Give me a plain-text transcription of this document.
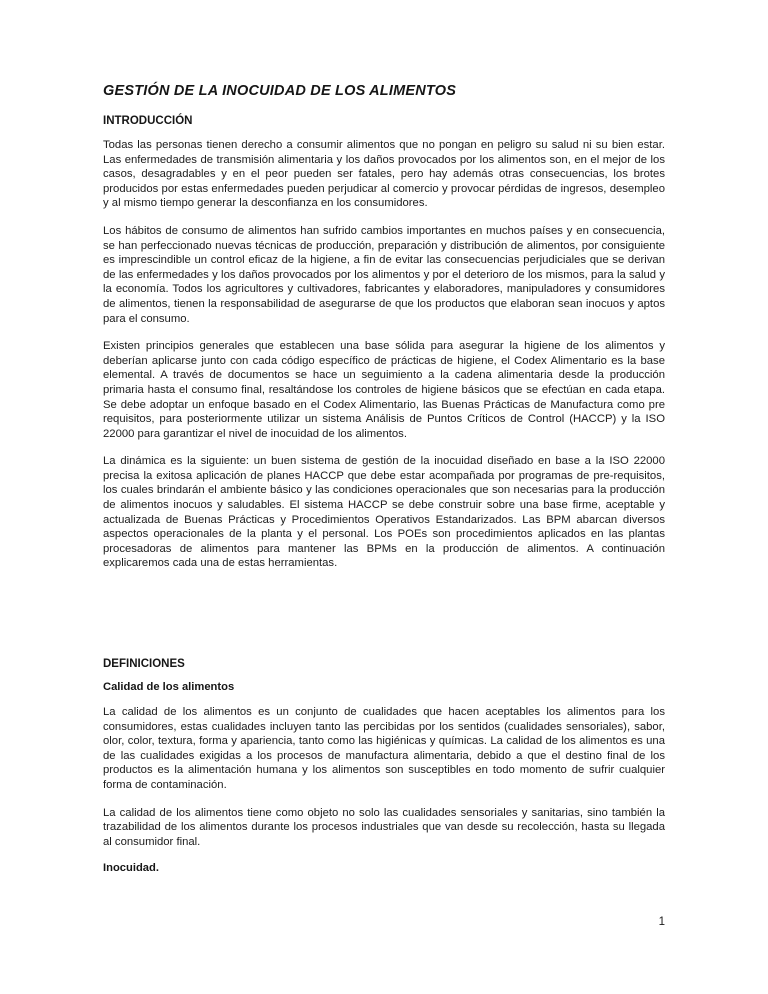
GESTIÓN DE LA INOCUIDAD DE LOS ALIMENTOS
INTRODUCCIÓN

Todas las personas tienen derecho a consumir alimentos que no pongan en peligro su salud ni su bien estar. Las enfermedades de transmisión alimentaria y los daños provocados por los alimentos son, en el mejor de los casos, desagradables y en el peor pueden ser fatales, pero hay además otras consecuencias, los brotes producidos por estas enfermedades pueden perjudicar al comercio y provocar pérdidas de ingresos, desempleo y al mismo tiempo generar la desconfianza en los consumidores.

Los hábitos de consumo de alimentos han sufrido cambios importantes en muchos países y en consecuencia, se han perfeccionado nuevas técnicas de producción, preparación y distribución de alimentos, por consiguiente es imprescindible un control eficaz de la higiene, a fin de evitar las consecuencias perjudiciales que se derivan de las enfermedades y los daños provocados por los alimentos y por el deterioro de los mismos, para la salud y la economía. Todos los agricultores y cultivadores, fabricantes y elaboradores, manipuladores y consumidores de alimentos, tienen la responsabilidad de asegurarse de que los productos que elaboran sean inocuos y aptos para el consumo.

Existen principios generales que establecen una base sólida para asegurar la higiene de los alimentos y deberían aplicarse junto con cada código específico de prácticas de higiene, el Codex Alimentario es la base elemental. A través de documentos se hace un seguimiento a la cadena alimentaria desde la producción primaria hasta el consumo final, resaltándose los controles de higiene básicos que se efectúan en cada etapa. Se debe adoptar un enfoque basado en el Codex Alimentario, las Buenas Prácticas de Manufactura como pre requisitos, para posteriormente utilizar un sistema Análisis de Puntos Críticos de Control (HACCP) y la ISO 22000 para garantizar el nivel de inocuidad de los alimentos.

La dinámica es la siguiente: un buen sistema de gestión de la inocuidad diseñado en base a la ISO 22000 precisa la exitosa aplicación de planes HACCP que debe estar acompañada por programas de pre-requisitos, los cuales brindarán el ambiente básico y las condiciones operacionales que son necesarias para la producción de alimentos inocuos y saludables. El sistema HACCP se debe construir sobre una base firme, aceptable y actualizada de Buenas Prácticas y Procedimientos Operativos Estandarizados. Las BPM abarcan diversos aspectos operacionales de la planta y el personal. Los POEs son procedimientos aplicados en las plantas procesadoras de alimentos para mantener las BPMs en la producción de alimentos. A continuación explicaremos cada una de estas herramientas.

DEFINICIONES
Calidad de los alimentos

La calidad de los alimentos es un conjunto de cualidades que hacen aceptables los alimentos para los consumidores, estas cualidades incluyen tanto las percibidas por los sentidos (cualidades sensoriales), sabor, olor, color, textura, forma y apariencia, tanto como las higiénicas y químicas. La calidad de los alimentos es una de las cualidades exigidas a los procesos de manufactura alimentaria, debido a que el destino final de los productos es la alimentación humana y los alimentos son susceptibles en todo momento de sufrir cualquier forma de contaminación.

La calidad de los alimentos tiene como objeto no solo las cualidades sensoriales y sanitarias, sino también la trazabilidad de los alimentos durante los procesos industriales que van desde su recolección, hasta su llegada al consumidor final.

Inocuidad.
1
